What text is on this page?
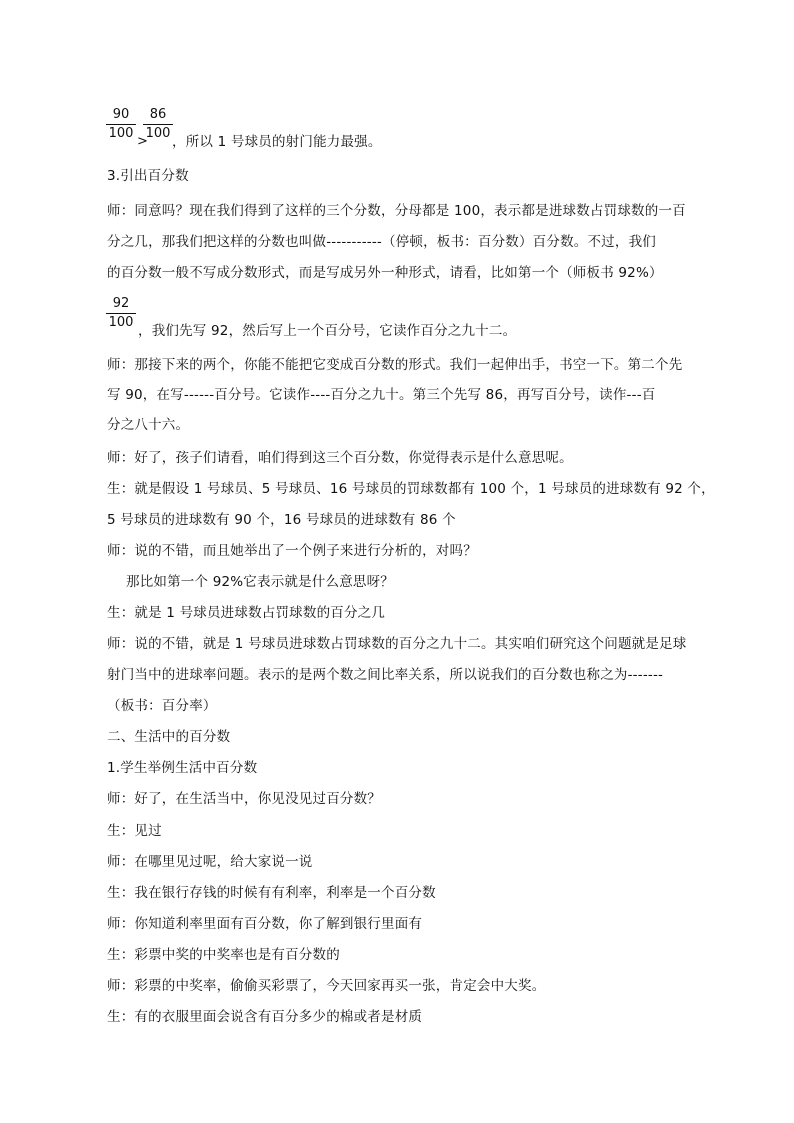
90
100
>
86
100
，所以 1 号球员的射门能力最强。
3.引出百分数
师：同意吗？现在我们得到了这样的三个分数，分母都是 100，表示都是进球数占罚球数的一百
分之几，那我们把这样的分数也叫做-----------（停顿，板书：百分数）百分数。不过，我们
的百分数一般不写成分数形式，而是写成另外一种形式，请看，比如第一个（师板书 92%）
92
100
，我们先写 92，然后写上一个百分号，它读作百分之九十二。
师：那接下来的两个，你能不能把它变成百分数的形式。我们一起伸出手，书空一下。第二个先
写 90，在写------百分号。它读作----百分之九十。第三个先写 86，再写百分号，读作---百
分之八十六。
师：好了，孩子们请看，咱们得到这三个百分数，你觉得表示是什么意思呢。
生：就是假设 1 号球员、5 号球员、16 号球员的罚球数都有 100 个，1 号球员的进球数有 92 个，
5 号球员的进球数有 90 个，16 号球员的进球数有 86 个
师：说的不错，而且她举出了一个例子来进行分析的，对吗？
那比如第一个 92%它表示就是什么意思呀？
生：就是 1 号球员进球数占罚球数的百分之几
师：说的不错，就是 1 号球员进球数占罚球数的百分之九十二。其实咱们研究这个问题就是足球
射门当中的进球率问题。表示的是两个数之间比率关系，所以说我们的百分数也称之为-------
（板书：百分率）
二、生活中的百分数
1.学生举例生活中百分数
师：好了，在生活当中，你见没见过百分数？
生：见过
师：在哪里见过呢，给大家说一说
生：我在银行存钱的时候有有利率，利率是一个百分数
师：你知道利率里面有百分数，你了解到银行里面有
生：彩票中奖的中奖率也是有百分数的
师：彩票的中奖率，偷偷买彩票了，今天回家再买一张，肯定会中大奖。
生：有的衣服里面会说含有百分多少的棉或者是材质
